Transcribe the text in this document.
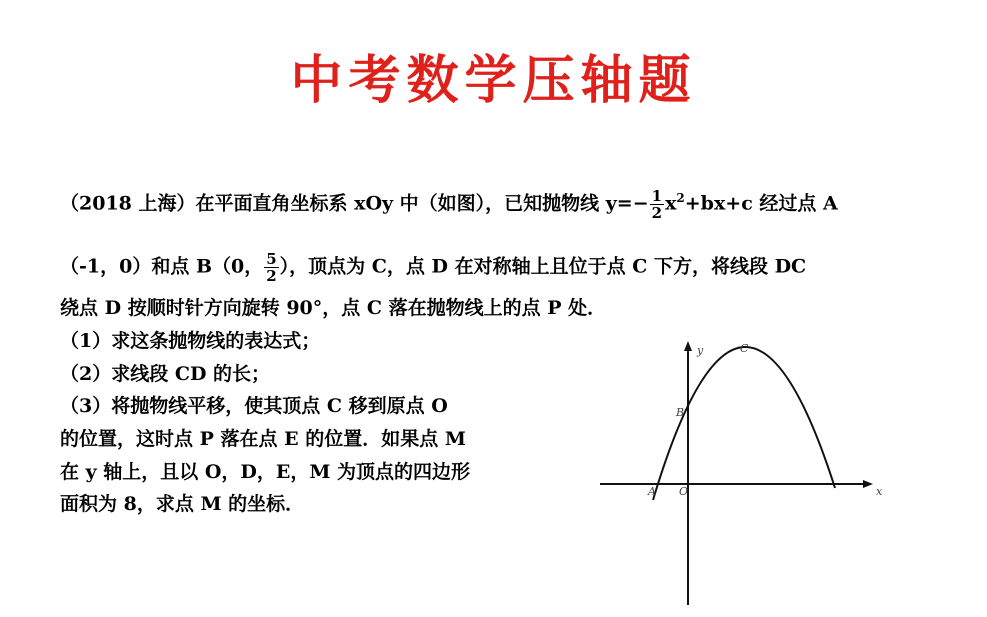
中考数学压轴题
（2018 上海）在平面直角坐标系 xOy 中（如图），已知抛物线 $y=- \frac{1}{2} x^2+bx+c$ 经过点 A
（-1，0）和点 B（0， $\frac{5}{2}$ ），顶点为 C，点 D 在对称轴上且位于点 C 下方，将线段 DC
绕点 D 按顺时针方向旋转 90°，点 C 落在抛物线上的点 P 处．
（1）求这条抛物线的表达式；
（2）求线段 CD 的长；
（3）将抛物线平移，使其顶点 C 移到原点 O
的位置，这时点 P 落在点 E 的位置．如果点 M
在 y 轴上，且以 O，D，E，M 为顶点的四边形
面积为 8，求点 M 的坐标．
y
x
O
A
B
C
